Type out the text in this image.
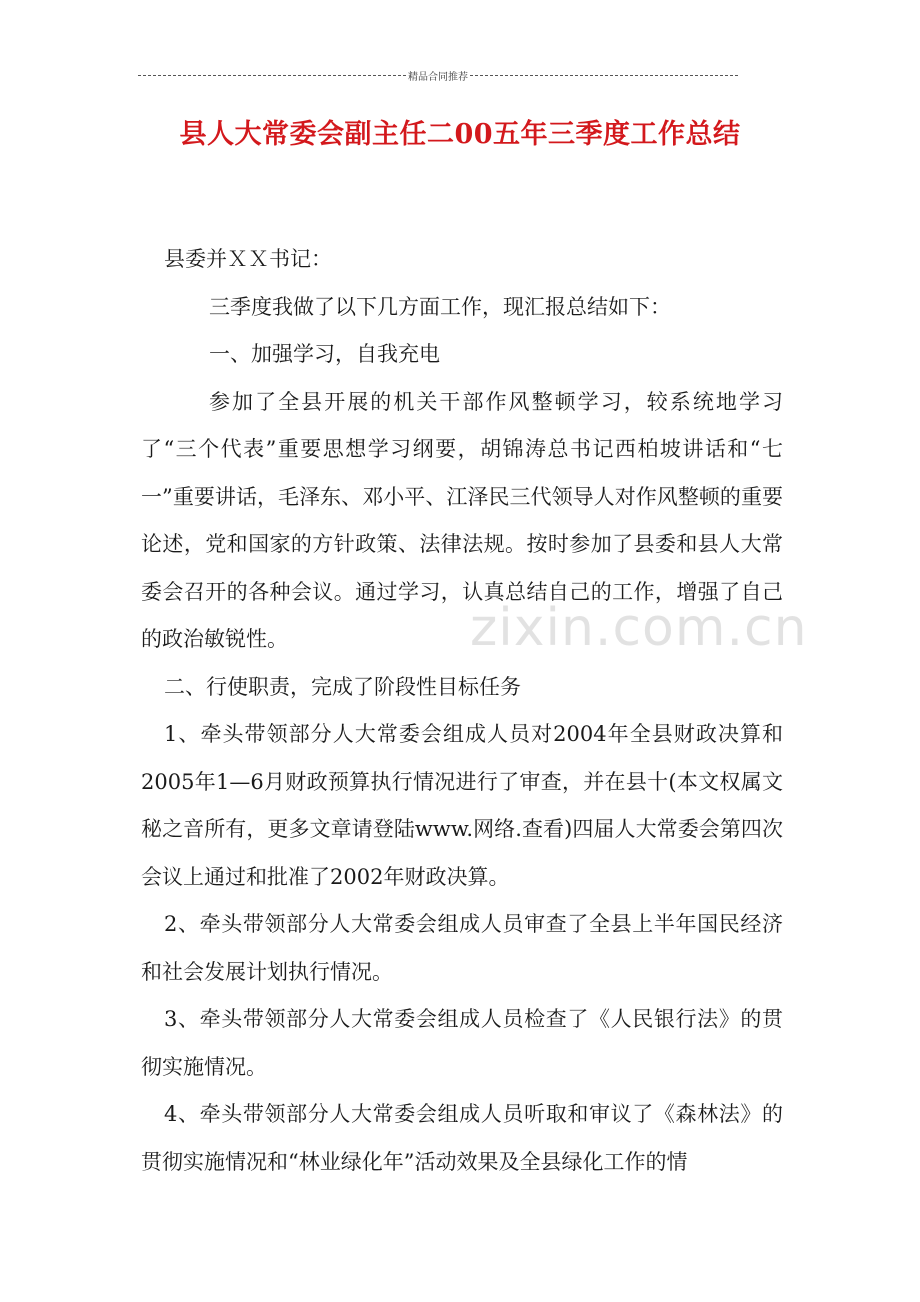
精品合同推荐
县人大常委会副主任二00五年三季度工作总结
zixin.com.cn

县委并ＸＸ书记：

三季度我做了以下几方面工作，现汇报总结如下：

一、加强学习，自我充电

参加了全县开展的机关干部作风整顿学习，较系统地学习了“三个代表”重要思想学习纲要，胡锦涛总书记西柏坡讲话和“七一”重要讲话，毛泽东、邓小平、江泽民三代领导人对作风整顿的重要论述，党和国家的方针政策、法律法规。按时参加了县委和县人大常委会召开的各种会议。通过学习，认真总结自己的工作，增强了自己的政治敏锐性。

二、行使职责，完成了阶段性目标任务

1、牵头带领部分人大常委会组成人员对2004年全县财政决算和2005年1—6月财政预算执行情况进行了审查，并在县十(本文权属文秘之音所有，更多文章请登陆www.网络.查看)四届人大常委会第四次会议上通过和批准了2002年财政决算。

2、牵头带领部分人大常委会组成人员审查了全县上半年国民经济和社会发展计划执行情况。

3、牵头带领部分人大常委会组成人员检查了《人民银行法》的贯彻实施情况。

4、牵头带领部分人大常委会组成人员听取和审议了《森林法》的贯彻实施情况和“林业绿化年”活动效果及全县绿化工作的情
